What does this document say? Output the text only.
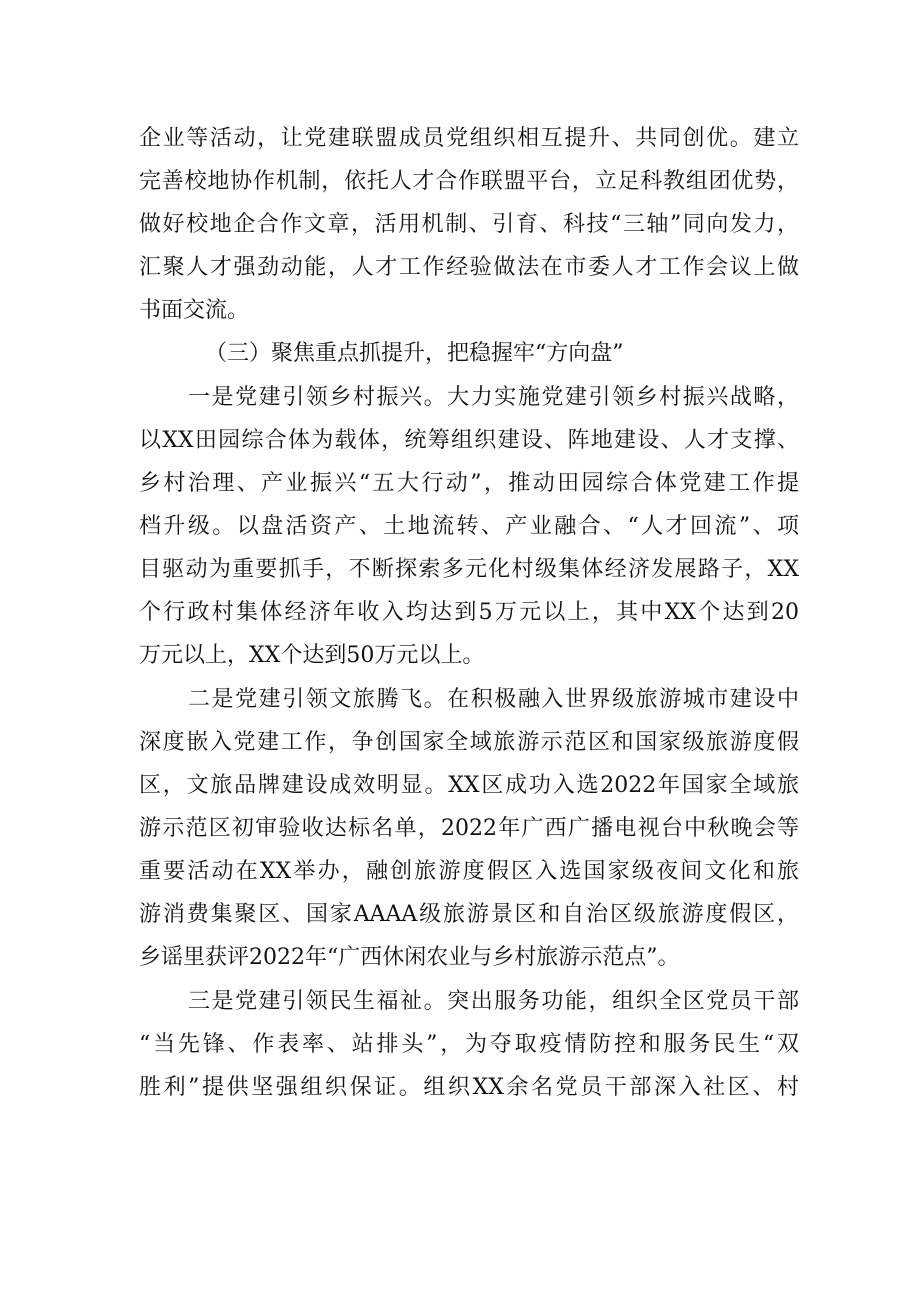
企业等活动，让党建联盟成员党组织相互提升、共同创优。建立
完善校地协作机制，依托人才合作联盟平台，立足科教组团优势，
做好校地企合作文章，活用机制、引育、科技“三轴”同向发力，
汇聚人才强劲动能，人才工作经验做法在市委人才工作会议上做
书面交流。
（三）聚焦重点抓提升，把稳握牢“方向盘”
一是党建引领乡村振兴。大力实施党建引领乡村振兴战略，
以XX田园综合体为载体，统筹组织建设、阵地建设、人才支撑、
乡村治理、产业振兴“五大行动”，推动田园综合体党建工作提
档升级。以盘活资产、土地流转、产业融合、“人才回流”、项
目驱动为重要抓手，不断探索多元化村级集体经济发展路子，XX
个行政村集体经济年收入均达到5万元以上，其中XX个达到20
万元以上，XX个达到50万元以上。
二是党建引领文旅腾飞。在积极融入世界级旅游城市建设中
深度嵌入党建工作，争创国家全域旅游示范区和国家级旅游度假
区，文旅品牌建设成效明显。XX区成功入选2022年国家全域旅
游示范区初审验收达标名单，2022年广西广播电视台中秋晚会等
重要活动在XX举办，融创旅游度假区入选国家级夜间文化和旅
游消费集聚区、国家AAAA级旅游景区和自治区级旅游度假区，
乡谣里获评2022年“广西休闲农业与乡村旅游示范点”。
三是党建引领民生福祉。突出服务功能，组织全区党员干部
“当先锋、作表率、站排头”，为夺取疫情防控和服务民生“双
胜利”提供坚强组织保证。组织XX余名党员干部深入社区、村
